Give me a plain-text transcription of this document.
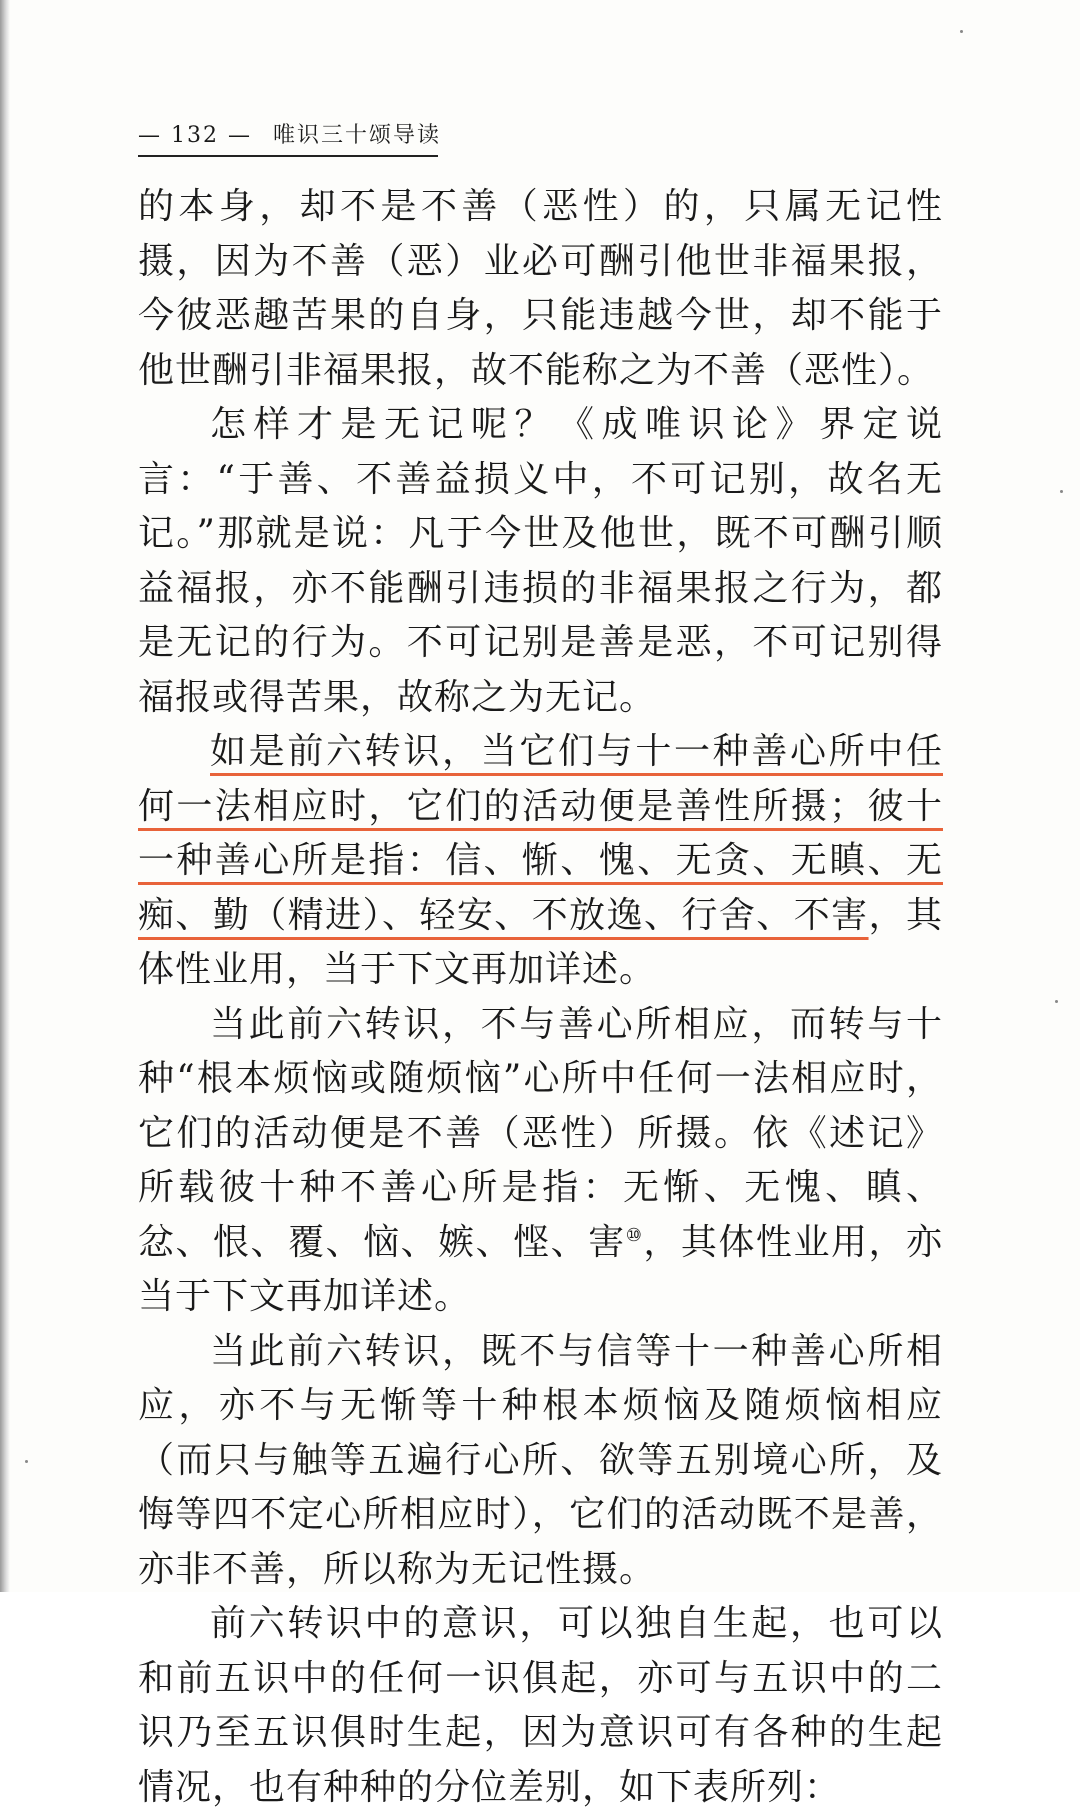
— 132 — 唯识三十颂导读

的本身，却不是不善（恶性）的，只属无记性摄，因为不善（恶）业必可酬引他世非福果报，今彼恶趣苦果的自身，只能违越今世，却不能于他世酬引非福果报，故不能称之为不善（恶性）。

怎样才是无记呢？《成唯识论》界定说言：“于善、不善益损义中，不可记别，故名无记。”那就是说：凡于今世及他世，既不可酬引顺益福报，亦不能酬引违损的非福果报之行为，都是无记的行为。不可记别是善是恶，不可记别得福报或得苦果，故称之为无记。

如是前六转识，当它们与十一种善心所中任何一法相应时，它们的活动便是善性所摄；彼十一种善心所是指：信、惭、愧、无贪、无瞋、无痴、勤（精进）、轻安、不放逸、行舍、不害，其体性业用，当于下文再加详述。

当此前六转识，不与善心所相应，而转与十种“根本烦恼或随烦恼”心所中任何一法相应时，它们的活动便是不善（恶性）所摄。依《述记》所载彼十种不善心所是指：无惭、无愧、瞋、忿、恨、覆、恼、嫉、悭、害⑩，其体性业用，亦当于下文再加详述。

当此前六转识，既不与信等十一种善心所相应，亦不与无惭等十种根本烦恼及随烦恼相应（而只与触等五遍行心所、欲等五别境心所，及悔等四不定心所相应时），它们的活动既不是善，亦非不善，所以称为无记性摄。

前六转识中的意识，可以独自生起，也可以和前五识中的任何一识俱起，亦可与五识中的二识乃至五识俱时生起，因为意识可有各种的生起情况，也有种种的分位差别，如下表所列：
